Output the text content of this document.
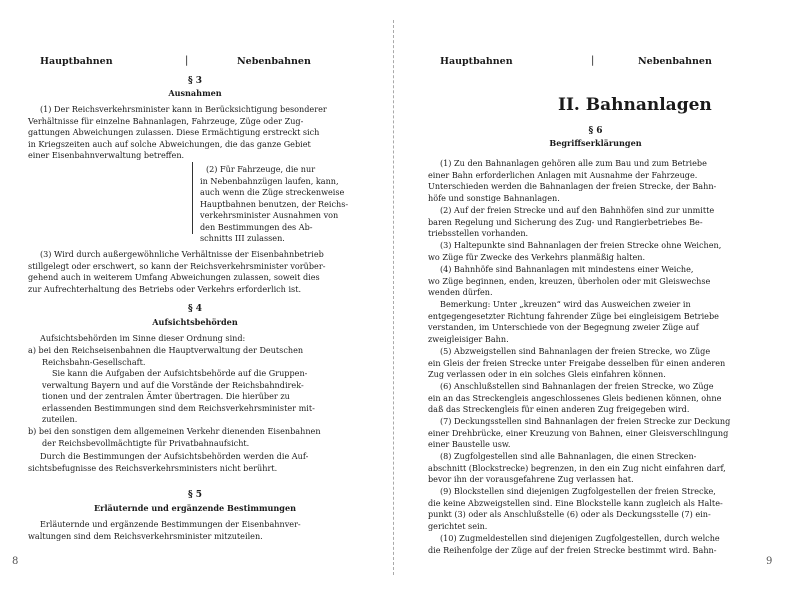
Hauptbahnen	|	Nebenbahnen
§ 3
Ausnahmen
(1) Der Reichsverkehrsminister kann in Berücksichtigung besonderer
Verhältnisse für einzelne Bahnanlagen, Fahrzeuge, Züge oder Zug-
gattungen Abweichungen zulassen. Diese Ermächtigung erstreckt sich
in Kriegszeiten auch auf solche Abweichungen, die das ganze Gebiet
einer Eisenbahnverwaltung betreffen.
(2) Für Fahrzeuge, die nur
in Nebenbahnzügen laufen, kann,
auch wenn die Züge streckenweise
Hauptbahnen benutzen, der Reichs-
verkehrsminister Ausnahmen von
den Bestimmungen des Ab-
schnitts III zulassen.
(3) Wird durch außergewöhnliche Verhältnisse der Eisenbahnbetrieb
stillgelegt oder erschwert, so kann der Reichsverkehrsminister vorüber-
gehend auch in weiterem Umfang Abweichungen zulassen, soweit dies
zur Aufrechterhaltung des Betriebs oder Verkehrs erforderlich ist.
§ 4
Aufsichtsbehörden
Aufsichtsbehörden im Sinne dieser Ordnung sind:
a) bei den Reichseisenbahnen die Hauptverwaltung der Deutschen
Reichsbahn-Gesellschaft.
Sie kann die Aufgaben der Aufsichtsbehörde auf die Gruppen-
verwaltung Bayern und auf die Vorstände der Reichsbahndirek-
tionen und der zentralen Ämter übertragen. Die hierüber zu
erlassenden Bestimmungen sind dem Reichsverkehrsminister mit-
zuteilen.
b) bei den sonstigen dem allgemeinen Verkehr dienenden Eisenbahnen
der Reichsbevollmächtigte für Privatbahnaufsicht.
Durch die Bestimmungen der Aufsichtsbehörden werden die Auf-
sichtsbefugnisse des Reichsverkehrsministers nicht berührt.
§ 5
Erläuternde und ergänzende Bestimmungen
Erläuternde und ergänzende Bestimmungen der Eisenbahnver-
waltungen sind dem Reichsverkehrsminister mitzuteilen.
8
Hauptbahnen	|	Nebenbahnen
II. Bahnanlagen
§ 6
Begriffserklärungen
(1) Zu den Bahnanlagen gehören alle zum Bau und zum Betriebe
einer Bahn erforderlichen Anlagen mit Ausnahme der Fahrzeuge.
Unterschieden werden die Bahnanlagen der freien Strecke, der Bahn-
höfe und sonstige Bahnanlagen.
(2) Auf der freien Strecke und auf den Bahnhöfen sind zur unmitte
baren Regelung und Sicherung des Zug- und Rangierbetriebes Be-
triebsstellen vorhanden.
(3) Haltepunkte sind Bahnanlagen der freien Strecke ohne Weichen,
wo Züge für Zwecke des Verkehrs planmäßig halten.
(4) Bahnhöfe sind Bahnanlagen mit mindestens einer Weiche,
wo Züge beginnen, enden, kreuzen, überholen oder mit Gleiswechse
wenden dürfen.
Bemerkung: Unter „kreuzen“ wird das Ausweichen zweier in
entgegengesetzter Richtung fahrender Züge bei eingleisigem Betriebe
verstanden, im Unterschiede von der Begegnung zweier Züge auf
zweigleisiger Bahn.
(5) Abzweigstellen sind Bahnanlagen der freien Strecke, wo Züge
ein Gleis der freien Strecke unter Freigabe desselben für einen anderen
Zug verlassen oder in ein solches Gleis einfahren können.
(6) Anschlußstellen sind Bahnanlagen der freien Strecke, wo Züge
ein an das Streckengleis angeschlossenes Gleis bedienen können, ohne
daß das Streckengleis für einen anderen Zug freigegeben wird.
(7) Deckungsstellen sind Bahnanlagen der freien Strecke zur Deckung
einer Drehbrücke, einer Kreuzung von Bahnen, einer Gleisverschlingung
einer Baustelle usw.
(8) Zugfolgestellen sind alle Bahnanlagen, die einen Strecken-
abschnitt (Blockstrecke) begrenzen, in den ein Zug nicht einfahren darf,
bevor ihn der vorausgefahrene Zug verlassen hat.
(9) Blockstellen sind diejenigen Zugfolgestellen der freien Strecke,
die keine Abzweigstellen sind. Eine Blockstelle kann zugleich als Halte-
punkt (3) oder als Anschlußstelle (6) oder als Deckungsstelle (7) ein-
gerichtet sein.
(10) Zugmeldestellen sind diejenigen Zugfolgestellen, durch welche
die Reihenfolge der Züge auf der freien Strecke bestimmt wird. Bahn-
9
